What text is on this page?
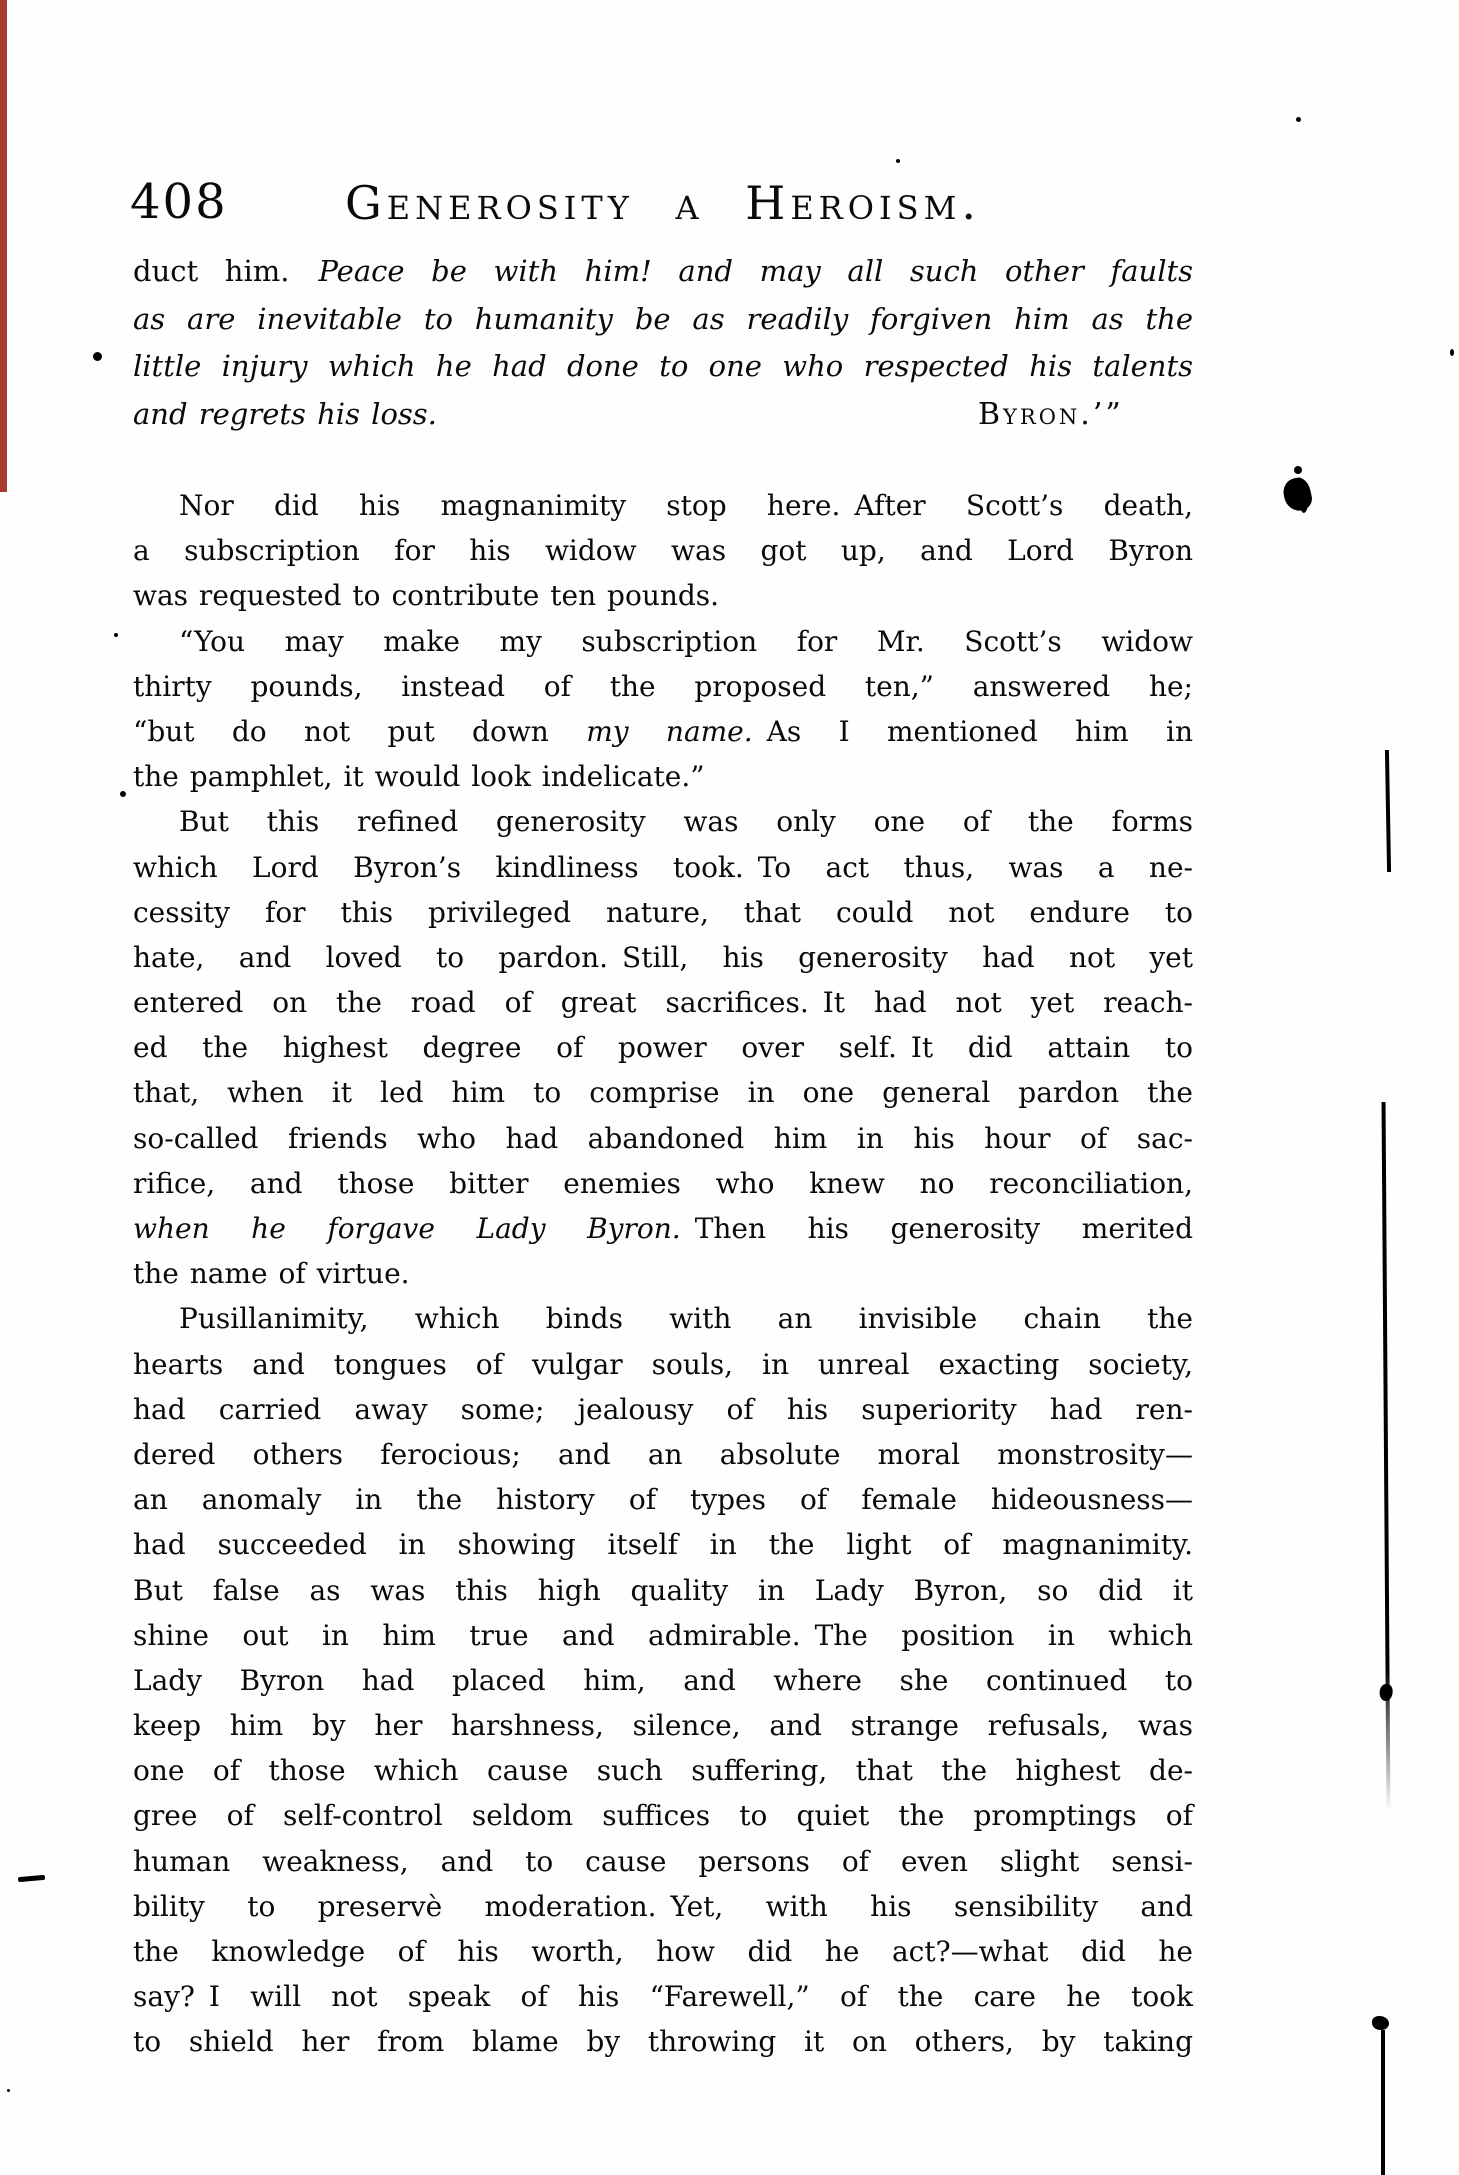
408	Generosity a Heroism.
duct him. Peace be with him! and may all such other faults
as are inevitable to humanity be as readily forgiven him as the
little injury which he had done to one who respected his talents
and regrets his loss.	Byron.’”
Nor did his magnanimity stop here. After Scott’s death,
a subscription for his widow was got up, and Lord Byron
was requested to contribute ten pounds.
“You may make my subscription for Mr. Scott’s widow
thirty pounds, instead of the proposed ten,” answered he;
“but do not put down my name. As I mentioned him in
the pamphlet, it would look indelicate.”
But this refined generosity was only one of the forms
which Lord Byron’s kindliness took. To act thus, was a ne-
cessity for this privileged nature, that could not endure to
hate, and loved to pardon. Still, his generosity had not yet
entered on the road of great sacrifices. It had not yet reach-
ed the highest degree of power over self. It did attain to
that, when it led him to comprise in one general pardon the
so-called friends who had abandoned him in his hour of sac-
rifice, and those bitter enemies who knew no reconciliation,
when he forgave Lady Byron. Then his generosity merited
the name of virtue.
Pusillanimity, which binds with an invisible chain the
hearts and tongues of vulgar souls, in unreal exacting society,
had carried away some; jealousy of his superiority had ren-
dered others ferocious; and an absolute moral monstrosity—
an anomaly in the history of types of female hideousness—
had succeeded in showing itself in the light of magnanimity.
But false as was this high quality in Lady Byron, so did it
shine out in him true and admirable. The position in which
Lady Byron had placed him, and where she continued to
keep him by her harshness, silence, and strange refusals, was
one of those which cause such suffering, that the highest de-
gree of self-control seldom suffices to quiet the promptings of
human weakness, and to cause persons of even slight sensi-
bility to preservè moderation. Yet, with his sensibility and
the knowledge of his worth, how did he act?—what did he
say? I will not speak of his “Farewell,” of the care he took
to shield her from blame by throwing it on others, by taking
